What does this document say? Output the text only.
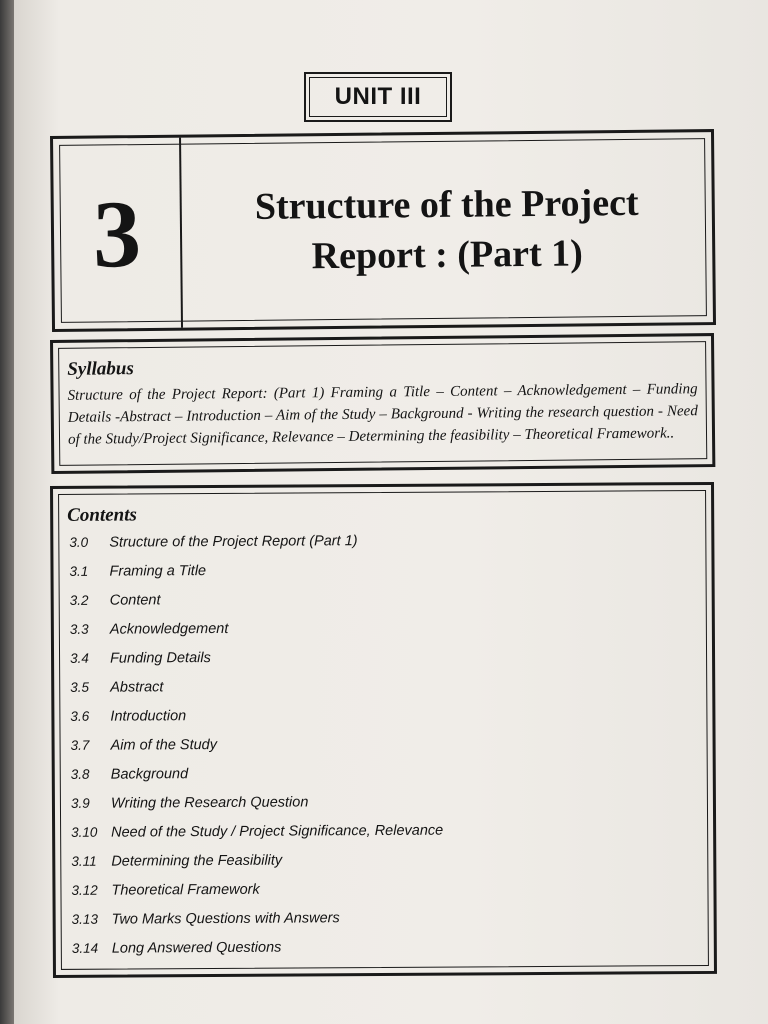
UNIT III
3	Structure of the Project
Report : (Part 1)
Syllabus

Structure of the Project Report: (Part 1) Framing a Title – Content – Acknowledgement – Funding Details -Abstract – Introduction – Aim of the Study – Background - Writing the research question - Need of the Study/Project Significance, Relevance – Determining the feasibility – Theoretical Framework..

Contents
3.0	Structure of the Project Report (Part 1)
3.1	Framing a Title
3.2	Content
3.3	Acknowledgement
3.4	Funding Details
3.5	Abstract
3.6	Introduction
3.7	Aim of the Study
3.8	Background
3.9	Writing the Research Question
3.10 Need of the Study / Project Significance, Relevance
3.11	Determining the Feasibility
3.12 Theoretical Framework
3.13 Two Marks Questions with Answers
3.14 Long Answered Questions
